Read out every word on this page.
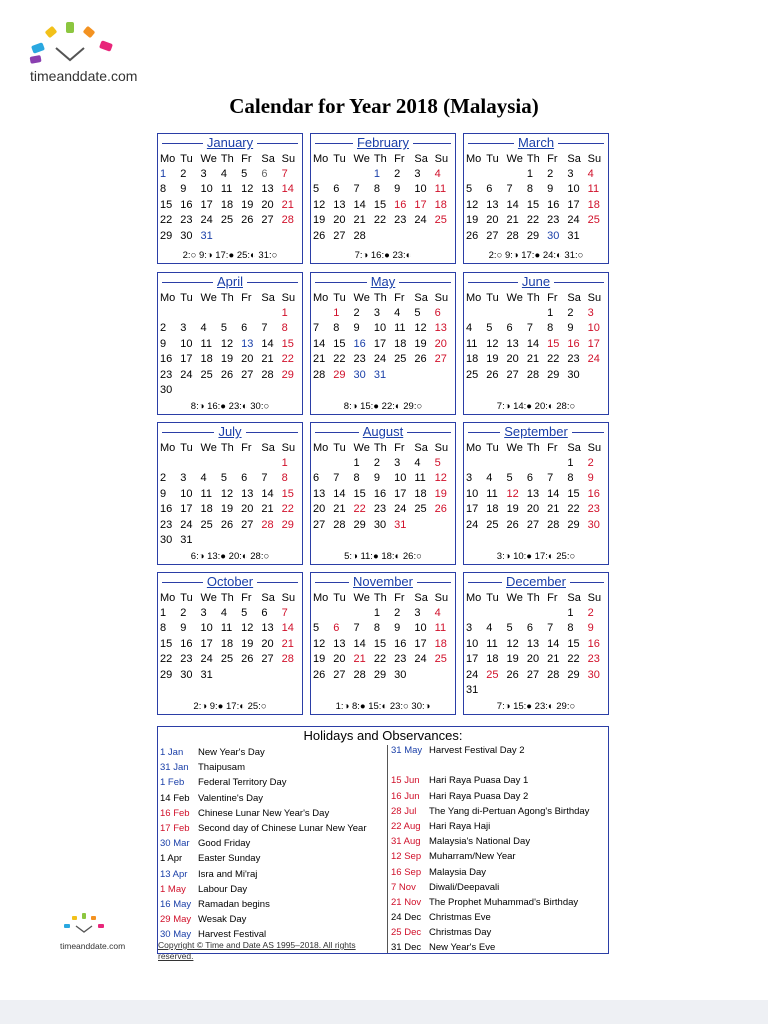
timeanddate.com
Calendar for Year 2018 (Malaysia)
January
Mo	Tu	We	Th	Fr	Sa	Su
1	2	3	4	5	6	7
8	9	10	11	12	13	14
15	16	17	18	19	20	21
22	23	24	25	26	27	28
29	30	31				
2:○ 9:◑ 17:● 25:◐ 31:○
February
Mo	Tu	We	Th	Fr	Sa	Su
			1	2	3	4
5	6	7	8	9	10	11
12	13	14	15	16	17	18
19	20	21	22	23	24	25
26	27	28				
7:◑ 16:● 23:◐
March
Mo	Tu	We	Th	Fr	Sa	Su
			1	2	3	4
5	6	7	8	9	10	11
12	13	14	15	16	17	18
19	20	21	22	23	24	25
26	27	28	29	30	31	
2:○ 9:◑ 17:● 24:◐ 31:○
April
Mo	Tu	We	Th	Fr	Sa	Su
						1
2	3	4	5	6	7	8
9	10	11	12	13	14	15
16	17	18	19	20	21	22
23	24	25	26	27	28	29
30						
8:◑ 16:● 23:◐ 30:○
May
Mo	Tu	We	Th	Fr	Sa	Su
	1	2	3	4	5	6
7	8	9	10	11	12	13
14	15	16	17	18	19	20
21	22	23	24	25	26	27
28	29	30	31			
8:◑ 15:● 22:◐ 29:○
June
Mo	Tu	We	Th	Fr	Sa	Su
				1	2	3
4	5	6	7	8	9	10
11	12	13	14	15	16	17
18	19	20	21	22	23	24
25	26	27	28	29	30	
7:◑ 14:● 20:◐ 28:○
July
Mo	Tu	We	Th	Fr	Sa	Su
						1
2	3	4	5	6	7	8
9	10	11	12	13	14	15
16	17	18	19	20	21	22
23	24	25	26	27	28	29
30	31					
6:◑ 13:● 20:◐ 28:○
August
Mo	Tu	We	Th	Fr	Sa	Su
		1	2	3	4	5
6	7	8	9	10	11	12
13	14	15	16	17	18	19
20	21	22	23	24	25	26
27	28	29	30	31		
5:◑ 11:● 18:◐ 26:○
September
Mo	Tu	We	Th	Fr	Sa	Su
					1	2
3	4	5	6	7	8	9
10	11	12	13	14	15	16
17	18	19	20	21	22	23
24	25	26	27	28	29	30
3:◑ 10:● 17:◐ 25:○
October
Mo	Tu	We	Th	Fr	Sa	Su
1	2	3	4	5	6	7
8	9	10	11	12	13	14
15	16	17	18	19	20	21
22	23	24	25	26	27	28
29	30	31				
2:◑ 9:● 17:◐ 25:○
November
Mo	Tu	We	Th	Fr	Sa	Su
			1	2	3	4
5	6	7	8	9	10	11
12	13	14	15	16	17	18
19	20	21	22	23	24	25
26	27	28	29	30		
1:◑ 8:● 15:◐ 23:○ 30:◑
December
Mo	Tu	We	Th	Fr	Sa	Su
					1	2
3	4	5	6	7	8	9
10	11	12	13	14	15	16
17	18	19	20	21	22	23
24	25	26	27	28	29	30
31						
7:◑ 15:● 23:◐ 29:○
Holidays and Observances:
1 Jan New Year's Day
31 Jan Thaipusam
1 Feb Federal Territory Day
14 Feb Valentine's Day
16 Feb Chinese Lunar New Year's Day
17 Feb Second day of Chinese Lunar New Year
30 Mar Good Friday
1 Apr Easter Sunday
13 Apr Isra and Mi'raj
1 May Labour Day
16 May Ramadan begins
29 May Wesak Day
30 May Harvest Festival
31 May Harvest Festival Day 2
15 Jun Hari Raya Puasa Day 1
16 Jun Hari Raya Puasa Day 2
28 Jul The Yang di-Pertuan Agong's Birthday
22 Aug Hari Raya Haji
31 Aug Malaysia's National Day
12 Sep Muharram/New Year
16 Sep Malaysia Day
7 Nov Diwali/Deepavali
21 Nov The Prophet Muhammad's Birthday
24 Dec Christmas Eve
25 Dec Christmas Day
31 Dec New Year's Eve
Copyright © Time and Date AS 1995–2018. All rights reserved.
timeanddate.com
